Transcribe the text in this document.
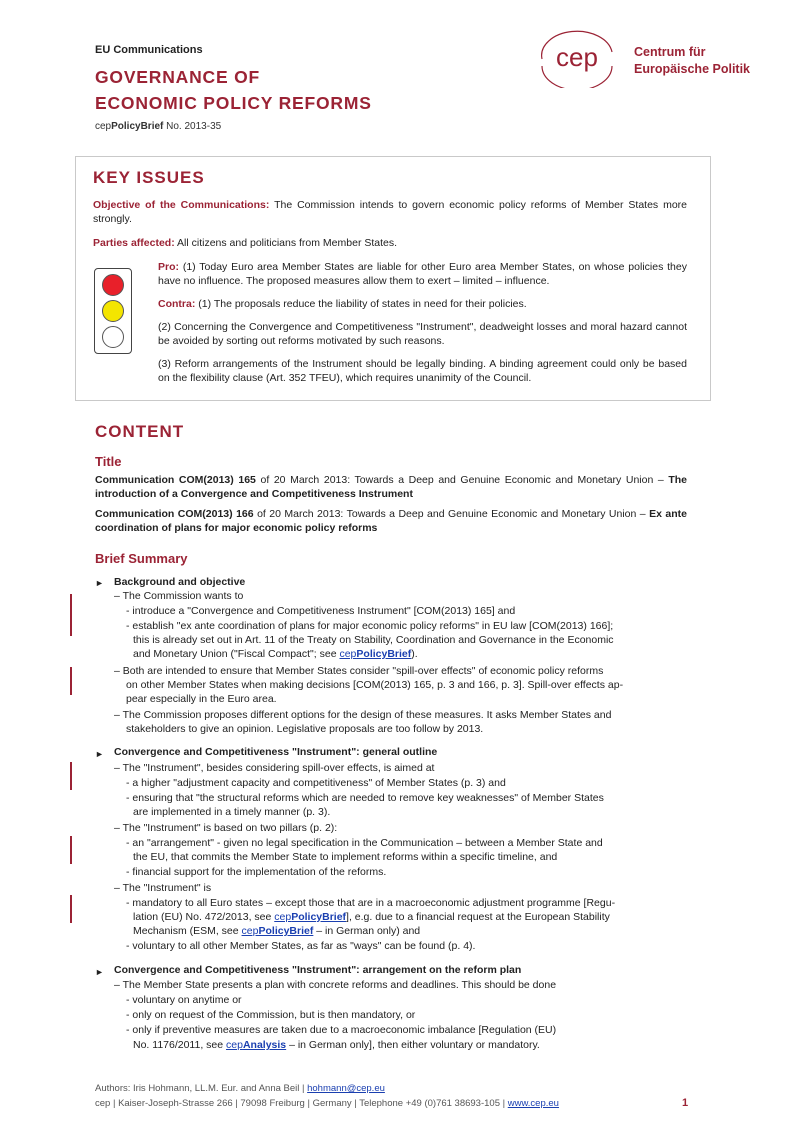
EU Communications
GOVERNANCE OF
ECONOMIC POLICY REFORMS
cepPolicyBrief No. 2013-35
cep	Centrum für
Europäische Politik
KEY ISSUES
Objective of the Communications: The Commission intends to govern economic policy reforms of Member States more strongly.
Parties affected: All citizens and politicians from Member States.
Pro: (1) Today Euro area Member States are liable for other Euro area Member States, on whose policies they have no influence. The proposed measures allow them to exert – limited – influence.
Contra: (1) The proposals reduce the liability of states in need for their policies.
(2) Concerning the Convergence and Competitiveness "Instrument", deadweight losses and moral hazard cannot be avoided by sorting out reforms motivated by such reasons.
(3) Reform arrangements of the Instrument should be legally binding. A binding agreement could only be based on the flexibility clause (Art. 352 TFEU), which requires unanimity of the Council.
CONTENT
Title
Communication COM(2013) 165 of 20 March 2013: Towards a Deep and Genuine Economic and Monetary Union – The introduction of a Convergence and Competitiveness Instrument
Communication COM(2013) 166 of 20 March 2013: Towards a Deep and Genuine Economic and Monetary Union – Ex ante coordination of plans for major economic policy reforms
Brief Summary
► Background and objective
– The Commission wants to
- introduce a "Convergence and Competitiveness Instrument" [COM(2013) 165] and
- establish "ex ante coordination of plans for major economic policy reforms" in EU law [COM(2013) 166];
this is already set out in Art. 11 of the Treaty on Stability, Coordination and Governance in the Economic
and Monetary Union ("Fiscal Compact"; see cepPolicyBrief).
– Both are intended to ensure that Member States consider "spill-over effects" of economic policy reforms
on other Member States when making decisions [COM(2013) 165, p. 3 and 166, p. 3]. Spill-over effects ap-
pear especially in the Euro area.
– The Commission proposes different options for the design of these measures. It asks Member States and
stakeholders to give an opinion. Legislative proposals are too follow by 2013.
► Convergence and Competitiveness "Instrument": general outline
– The "Instrument", besides considering spill-over effects, is aimed at
- a higher "adjustment capacity and competitiveness" of Member States (p. 3) and
- ensuring that "the structural reforms which are needed to remove key weaknesses" of Member States
are implemented in a timely manner (p. 3).
– The "Instrument" is based on two pillars (p. 2):
- an "arrangement" - given no legal specification in the Communication – between a Member State and
the EU, that commits the Member State to implement reforms within a specific timeline, and
- financial support for the implementation of the reforms.
– The "Instrument" is
- mandatory to all Euro states – except those that are in a macroeconomic adjustment programme [Regu-
lation (EU) No. 472/2013, see cepPolicyBrief], e.g. due to a financial request at the European Stability
Mechanism (ESM, see cepPolicyBrief – in German only) and
- voluntary to all other Member States, as far as "ways" can be found (p. 4).
► Convergence and Competitiveness "Instrument": arrangement on the reform plan
– The Member State presents a plan with concrete reforms and deadlines. This should be done
- voluntary on anytime or
- only on request of the Commission, but is then mandatory, or
- only if preventive measures are taken due to a macroeconomic imbalance [Regulation (EU)
No. 1176/2011, see cepAnalysis – in German only], then either voluntary or mandatory.
Authors: Iris Hohmann, LL.M. Eur. and Anna Beil | hohmann@cep.eu
cep | Kaiser-Joseph-Strasse 266 | 79098 Freiburg | Germany | Telephone +49 (0)761 38693-105 | www.cep.eu	1
